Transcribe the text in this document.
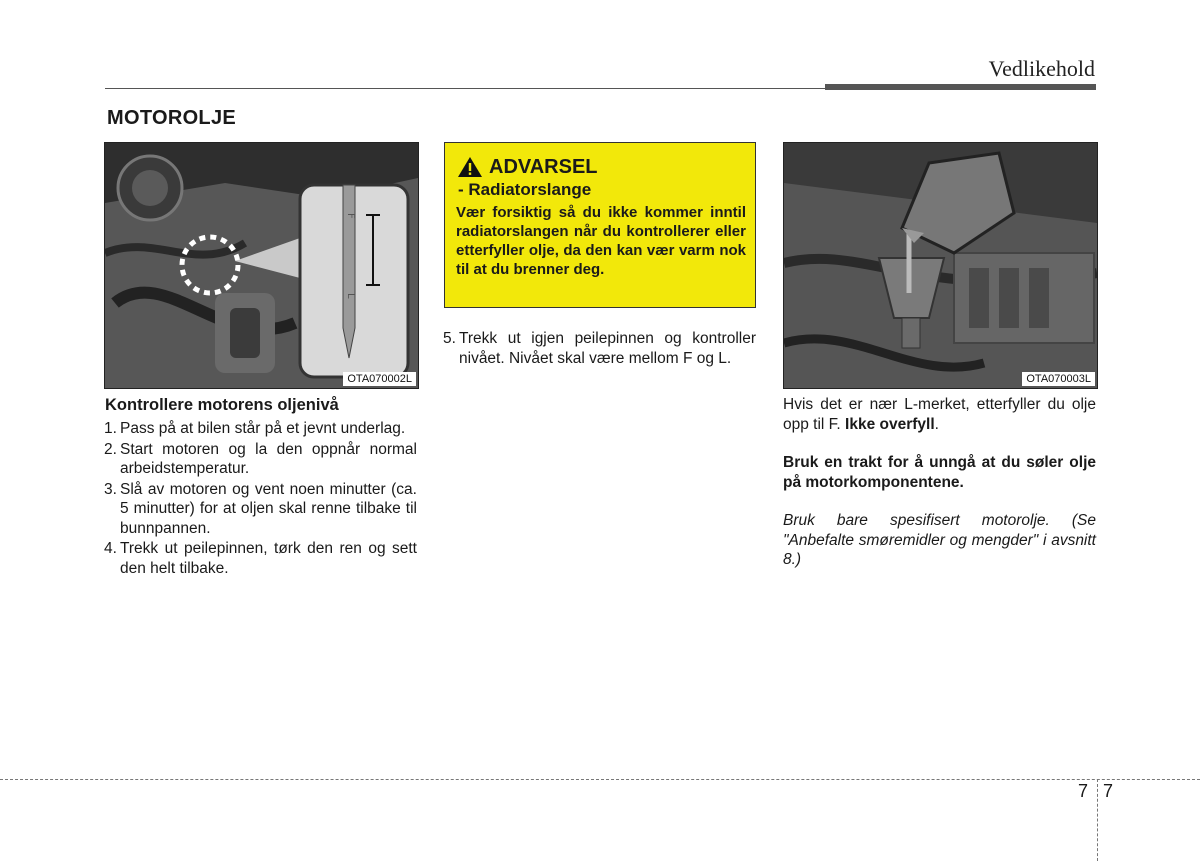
Vedlikehold
MOTOROLJE
F
L
OTA070002L
ADVARSEL
- Radiatorslange
Vær forsiktig så du ikke kommer inntil radiatorslangen når du kontrollerer eller etterfyller olje, da den kan vær varm nok til at du brenner deg.
OTA070003L
Kontrollere motorens oljenivå
1. Pass på at bilen står på et jevnt underlag.
2. Start motoren og la den oppnår normal arbeidstemperatur.
3. Slå av motoren og vent noen minutter (ca. 5 minutter) for at oljen skal renne tilbake til bunnpannen.
4. Trekk ut peilepinnen, tørk den ren og sett den helt tilbake.
5. Trekk ut igjen peilepinnen og kontroller nivået. Nivået skal være mellom F og L.

Hvis det er nær L-merket, etterfyller du olje opp til F. Ikke overfyll.

Bruk en trakt for å unngå at du søler olje på motorkomponentene.

Bruk bare spesifisert motorolje. (Se "Anbefalte smøremidler og mengder" i avsnitt 8.)

7 7
